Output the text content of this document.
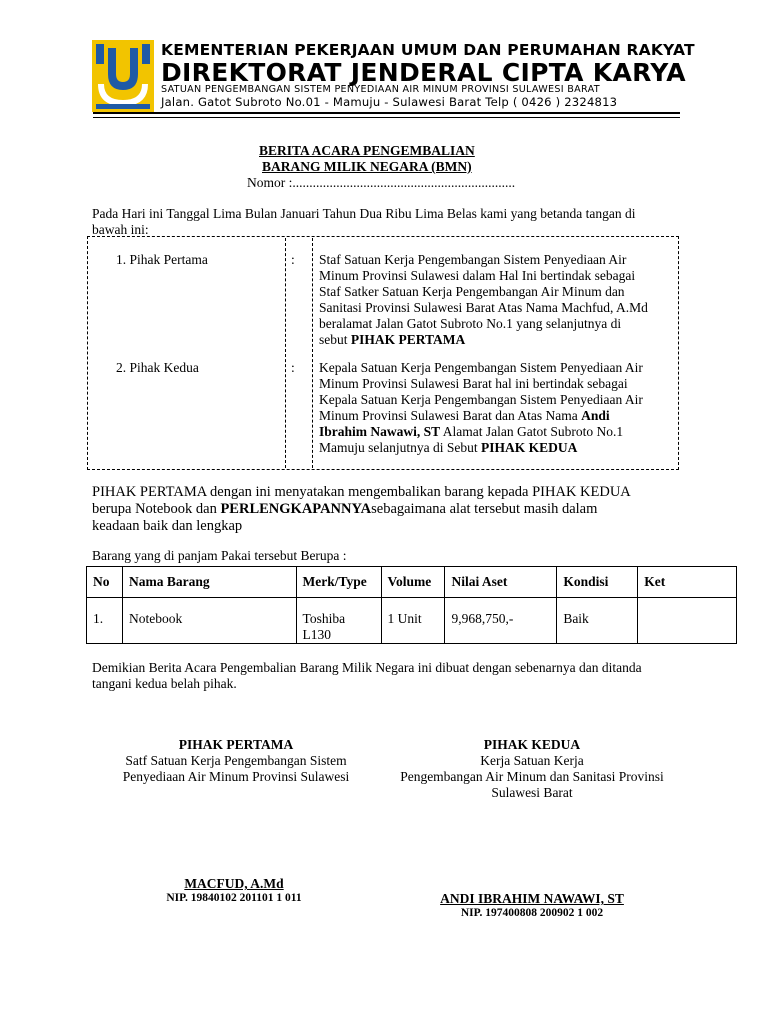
KEMENTERIAN PEKERJAAN UMUM DAN PERUMAHAN RAKYAT
DIREKTORAT JENDERAL CIPTA KARYA
SATUAN PENGEMBANGAN SISTEM PENYEDIAAN AIR MINUM PROVINSI SULAWESI BARAT
Jalan. Gatot Subroto No.01 - Mamuju - Sulawesi Barat Telp ( 0426 ) 2324813
BERITA ACARA PENGEMBALIAN
BARANG MILIK NEGARA (BMN)
Nomor :..................................................................
Pada Hari ini Tanggal Lima Bulan Januari Tahun Dua Ribu Lima Belas kami yang betanda tangan di
bawah ini:
1. Pihak Pertama	: Staf Satuan Kerja Pengembangan Sistem Penyediaan Air
Minum Provinsi Sulawesi dalam Hal Ini bertindak sebagai
Staf Satker Satuan Kerja Pengembangan Air Minum dan
Sanitasi Provinsi Sulawesi Barat Atas Nama Machfud, A.Md
beralamat Jalan Gatot Subroto No.1 yang selanjutnya di
sebut PIHAK PERTAMA
2. Pihak Kedua	: Kepala Satuan Kerja Pengembangan Sistem Penyediaan Air
Minum Provinsi Sulawesi Barat hal ini bertindak sebagai
Kepala Satuan Kerja Pengembangan Sistem Penyediaan Air
Minum Provinsi Sulawesi Barat dan Atas Nama Andi
Ibrahim Nawawi, ST Alamat Jalan Gatot Subroto No.1
Mamuju selanjutnya di Sebut PIHAK KEDUA
PIHAK PERTAMA dengan ini menyatakan mengembalikan barang kepada PIHAK KEDUA
berupa Notebook dan PERLENGKAPANNYAsebagaimana alat tersebut masih dalam
keadaan baik dan lengkap
Barang yang di panjam Pakai tersebut Berupa :
No	Nama Barang	Merk/Type	Volume	Nilai Aset	Kondisi	Ket
1.	Notebook	Toshiba L130	1 Unit	9,968,750,-	Baik	
Demikian Berita Acara Pengembalian Barang Milik Negara ini dibuat dengan sebenarnya dan ditanda
tangani kedua belah pihak.
PIHAK PERTAMA
Satf Satuan Kerja Pengembangan Sistem
Penyediaan Air Minum Provinsi Sulawesi
PIHAK KEDUA
Kerja Satuan Kerja
Pengembangan Air Minum dan Sanitasi Provinsi
Sulawesi Barat
MACFUD, A.Md
NIP. 19840102 201101 1 011	ANDI IBRAHIM NAWAWI, ST
NIP. 197400808 200902 1 002
